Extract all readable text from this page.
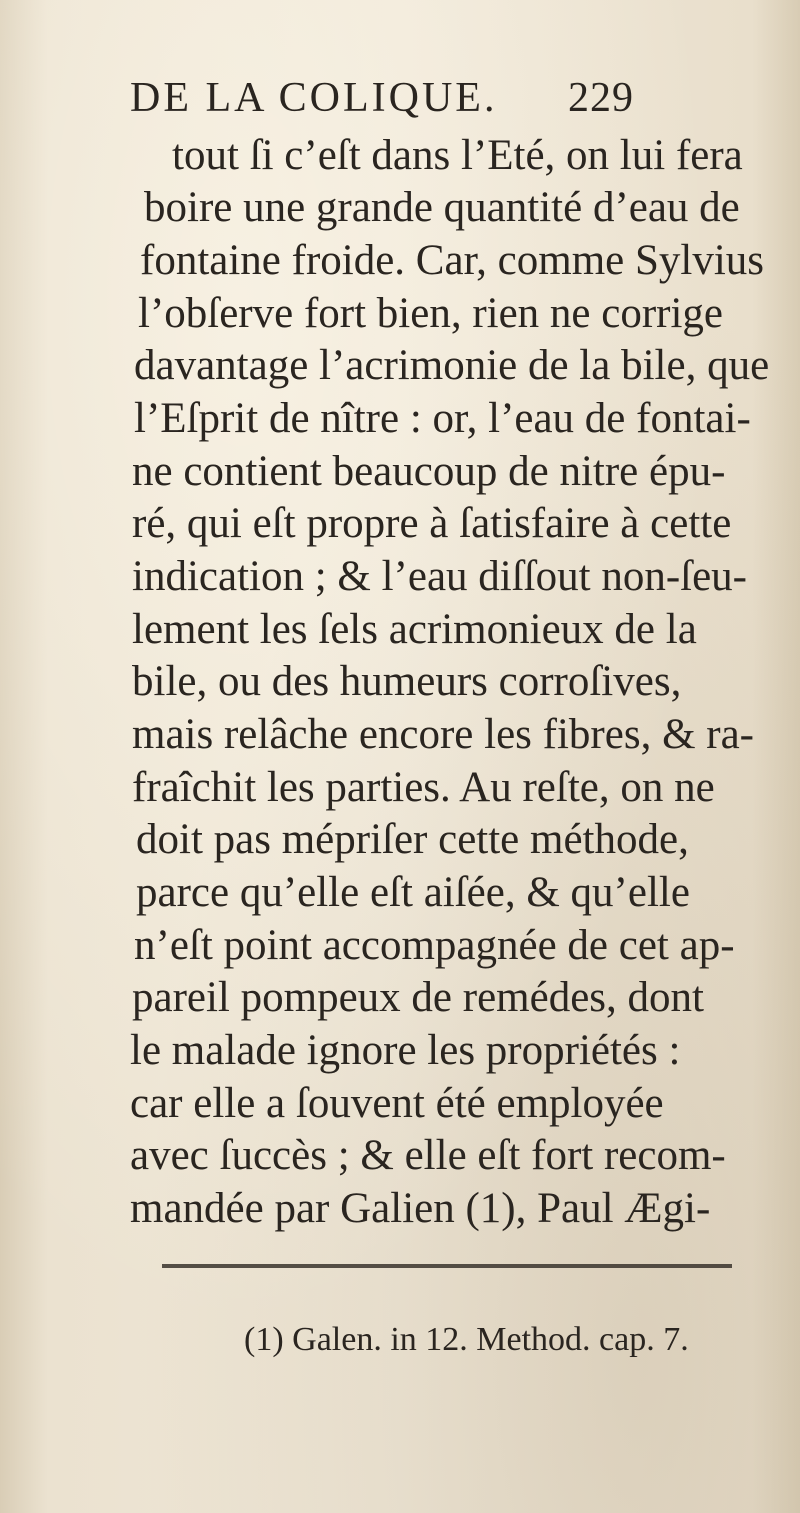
DE LA COLIQUE. 229
tout ſi c’eſt dans l’Eté, on lui fera
boire une grande quantité d’eau de
fontaine froide. Car, comme Sylvius
l’obſerve fort bien, rien ne corrige
davantage l’acrimonie de la bile, que
l’Eſprit de nître : or, l’eau de fontai-
ne contient beaucoup de nitre épu-
ré, qui eſt propre à ſatisfaire à cette
indication ; & l’eau diſſout non-ſeu-
lement les ſels acrimonieux de la
bile, ou des humeurs corroſives,
mais relâche encore les fibres, & ra-
fraîchit les parties. Au reſte, on ne
doit pas mépriſer cette méthode,
parce qu’elle eſt aiſée, & qu’elle
n’eſt point accompagnée de cet ap-
pareil pompeux de remédes, dont
le malade ignore les propriétés :
car elle a ſouvent été employée
avec ſuccès ; & elle eſt fort recom-
mandée par Galien (1), Paul Ægi-
(1) Galen. in 12. Method. cap. 7.
